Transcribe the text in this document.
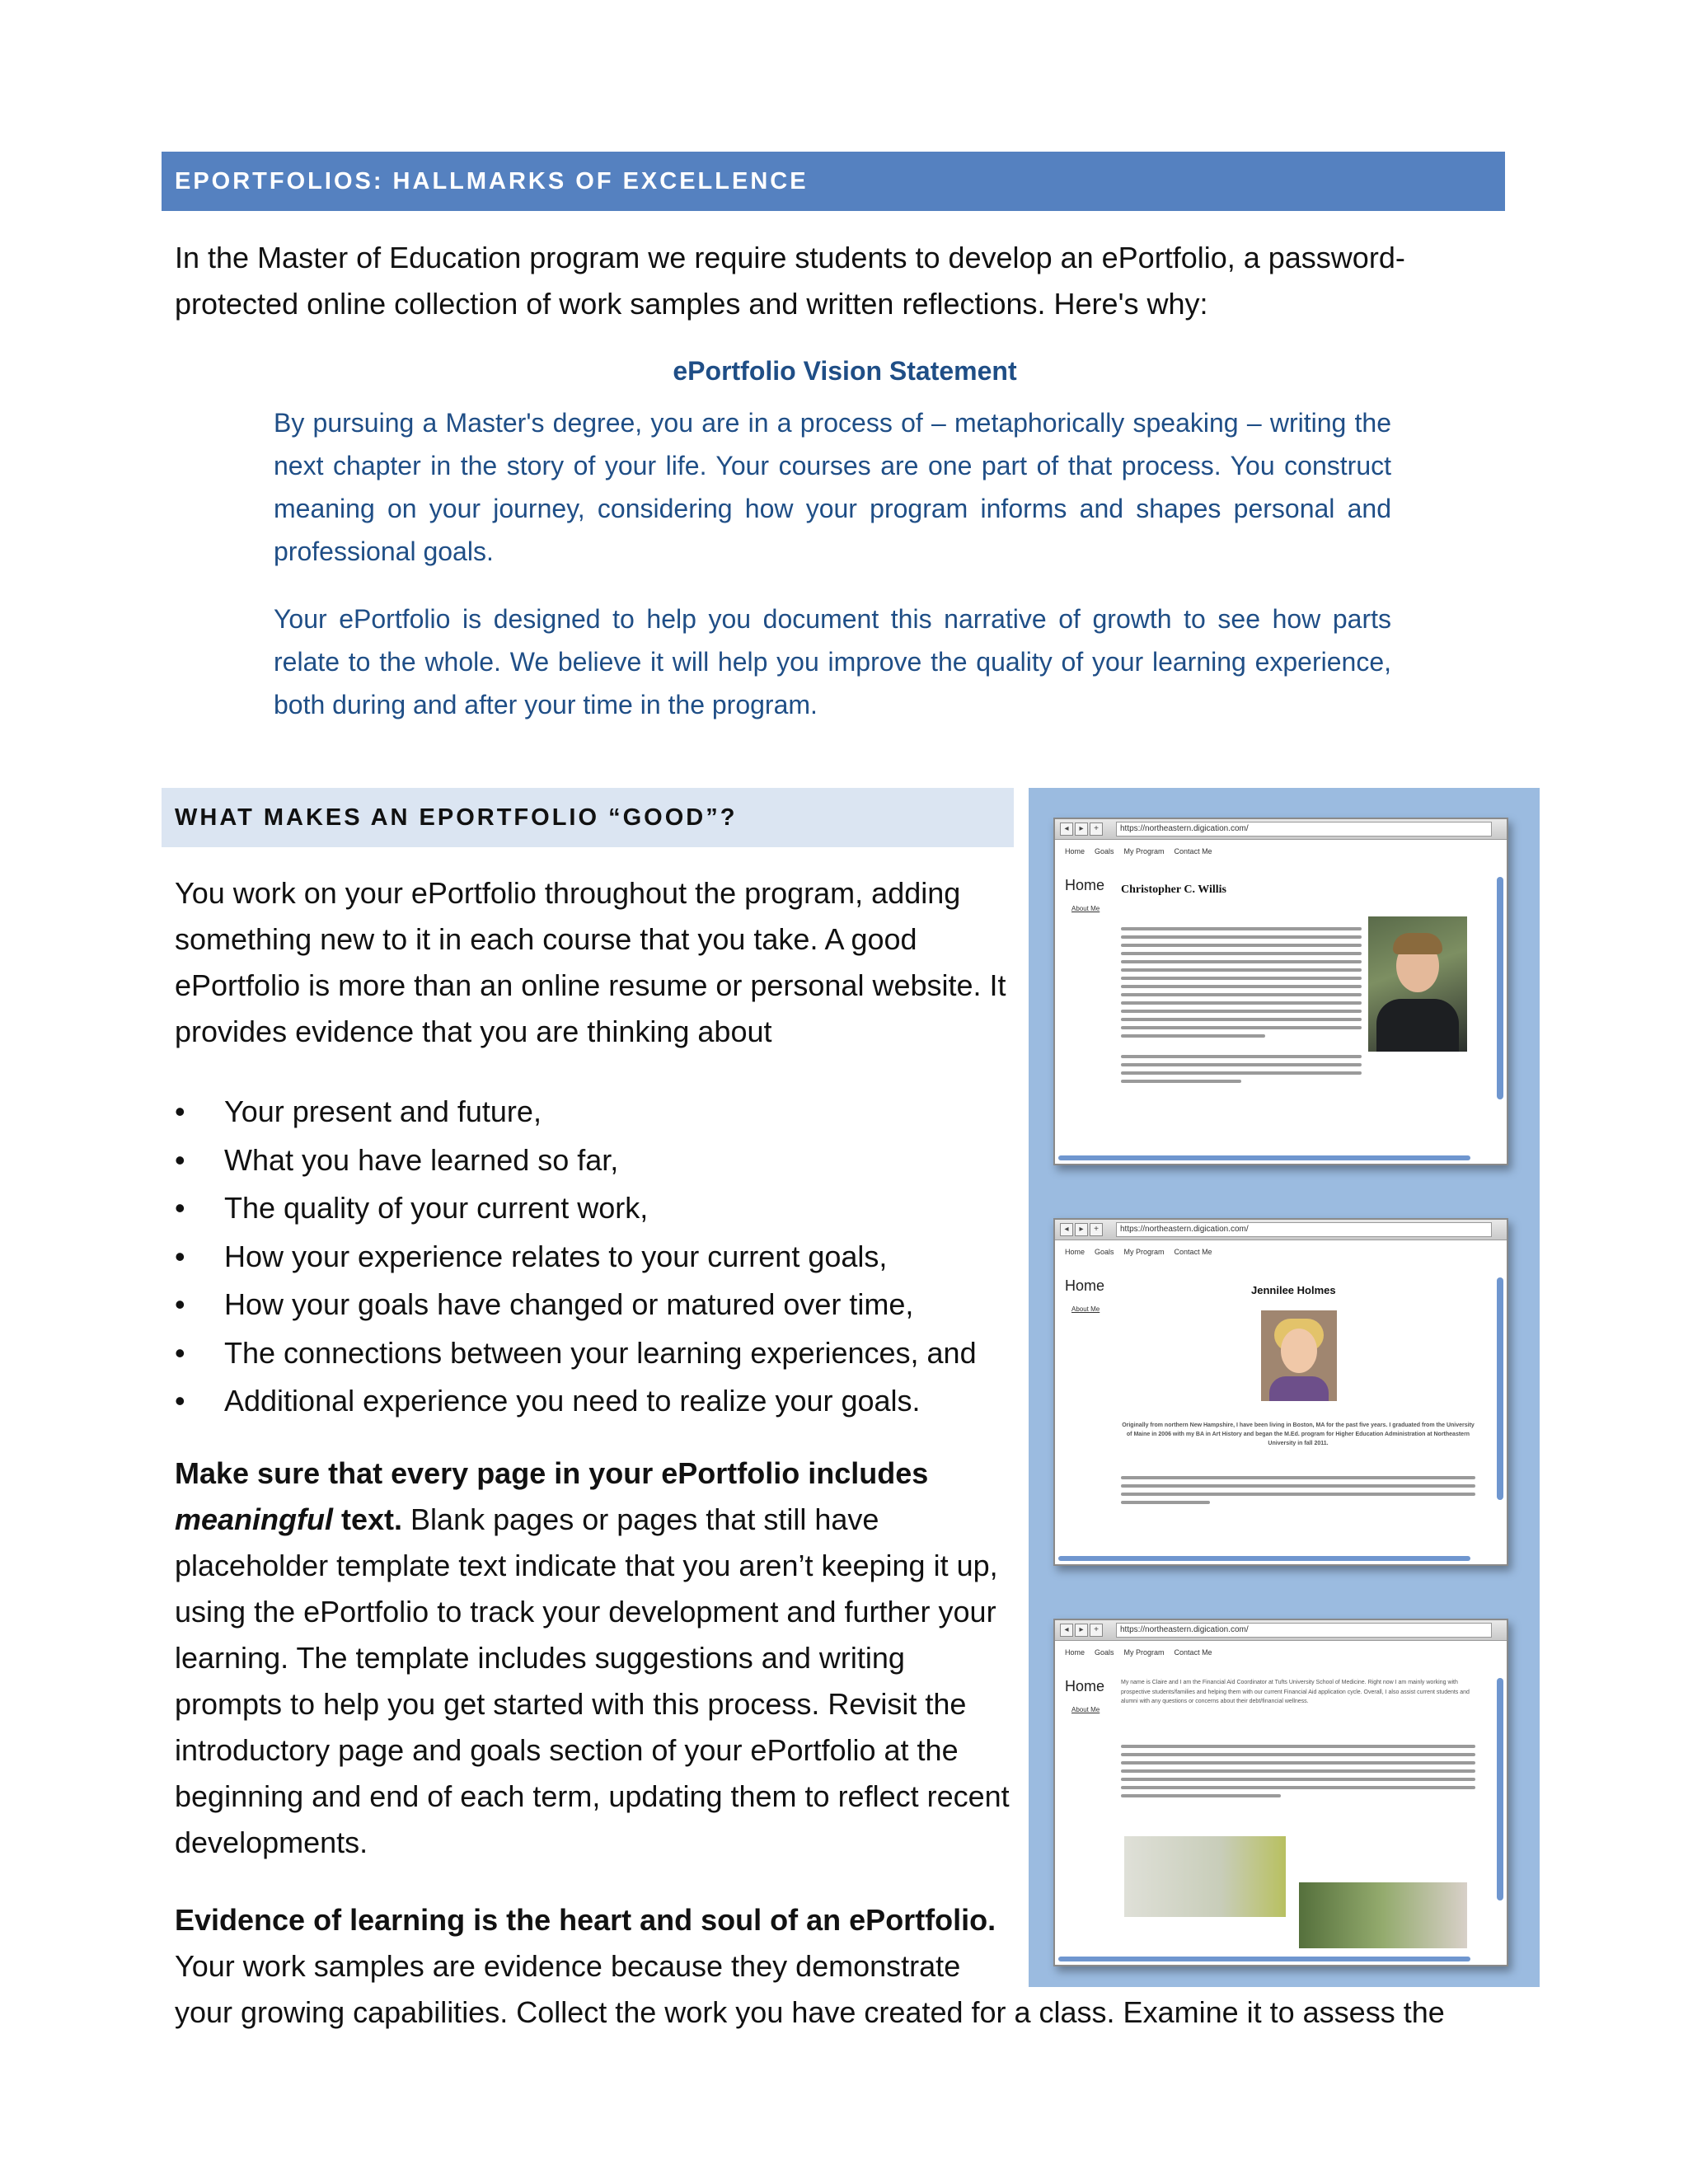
EPORTFOLIOS: HALLMARKS OF EXCELLENCE
In the Master of Education program we require students to develop an ePortfolio, a password-protected online collection of work samples and written reflections. Here's why:
ePortfolio Vision Statement

By pursuing a Master's degree, you are in a process of – metaphorically speaking – writing the next chapter in the story of your life. Your courses are one part of that process. You construct meaning on your journey, considering how your program informs and shapes personal and professional goals.

Your ePortfolio is designed to help you document this narrative of growth to see how parts relate to the whole. We believe it will help you improve the quality of your learning experience, both during and after your time in the program.

WHAT MAKES AN EPORTFOLIO “GOOD”?
You work on your ePortfolio throughout the program, adding something new to it in each course that you take. A good ePortfolio is more than an online resume or personal website. It provides evidence that you are thinking about
• Your present and future,
• What you have learned so far,
• The quality of your current work,
• How your experience relates to your current goals,
• How your goals have changed or matured over time,
• The connections between your learning experiences, and
• Additional experience you need to realize your goals.
Make sure that every page in your ePortfolio includes meaningful text. Blank pages or pages that still have placeholder template text indicate that you aren’t keeping it up, using the ePortfolio to track your development and further your learning. The template includes suggestions and writing prompts to help you get started with this process. Revisit the introductory page and goals section of your ePortfolio at the beginning and end of each term, updating them to reflect recent developments.
Evidence of learning is the heart and soul of an ePortfolio.
Your work samples are evidence because they demonstrate
your growing capabilities. Collect the work you have created for a class. Examine it to assess the
◂	▸	+	https://northeastern.digication.com/
Home Goals My Program Contact Me
Home
About Me
Christopher C. Willis
◂	▸	+	https://northeastern.digication.com/
Home Goals My Program Contact Me
Home
About Me
Jennilee Holmes
Originally from northern New Hampshire, I have been living in Boston, MA for the past five years. I graduated from the University of Maine in 2006 with my BA in Art History and began the M.Ed. program for Higher Education Administration at Northeastern University in fall 2011.
◂	▸	+	https://northeastern.digication.com/
Home Goals My Program Contact Me
Home
About Me
My name is Claire and I am the Financial Aid Coordinator at Tufts University School of Medicine. Right now I am mainly working with prospective students/families and helping them with our current Financial Aid application cycle. Overall, I also assist current students and alumni with any questions or concerns about their debt/financial wellness.
